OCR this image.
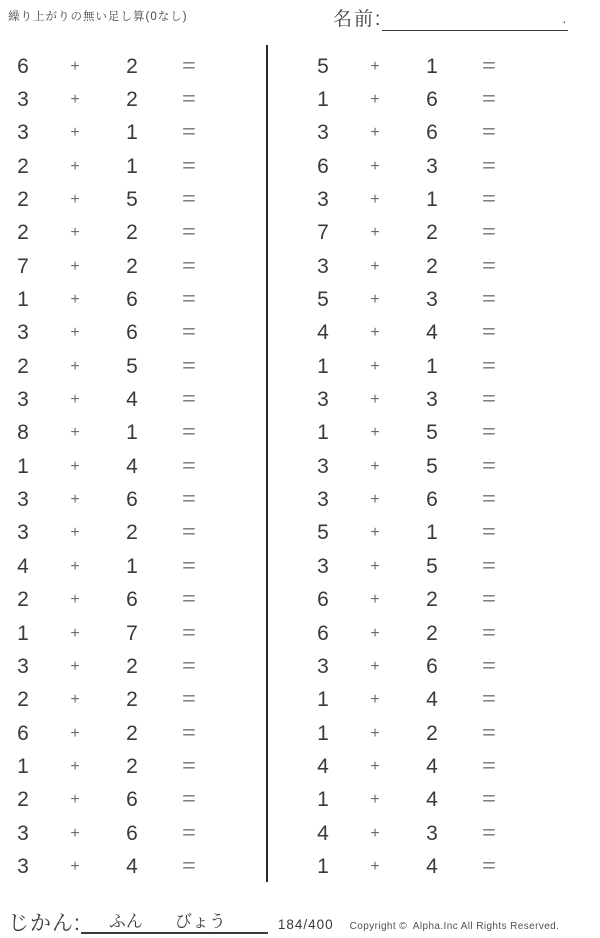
繰り上がりの無い足し算(0なし)	名前:	.
6	+	2	=
3	+	2	=
3	+	1	=
2	+	1	=
2	+	5	=
2	+	2	=
7	+	2	=
1	+	6	=
3	+	6	=
2	+	5	=
3	+	4	=
8	+	1	=
1	+	4	=
3	+	6	=
3	+	2	=
4	+	1	=
2	+	6	=
1	+	7	=
3	+	2	=
2	+	2	=
6	+	2	=
1	+	2	=
2	+	6	=
3	+	6	=
3	+	4	=
5	+	1	=
1	+	6	=
3	+	6	=
6	+	3	=
3	+	1	=
7	+	2	=
3	+	2	=
5	+	3	=
4	+	4	=
1	+	1	=
3	+	3	=
1	+	5	=
3	+	5	=
3	+	6	=
5	+	1	=
3	+	5	=
6	+	2	=
6	+	2	=
3	+	6	=
1	+	4	=
1	+	2	=
4	+	4	=
1	+	4	=
4	+	3	=
1	+	4	=
じかん: ふん びょう	184/400 Copyright ©  Alpha.Inc All Rights Reserved.
